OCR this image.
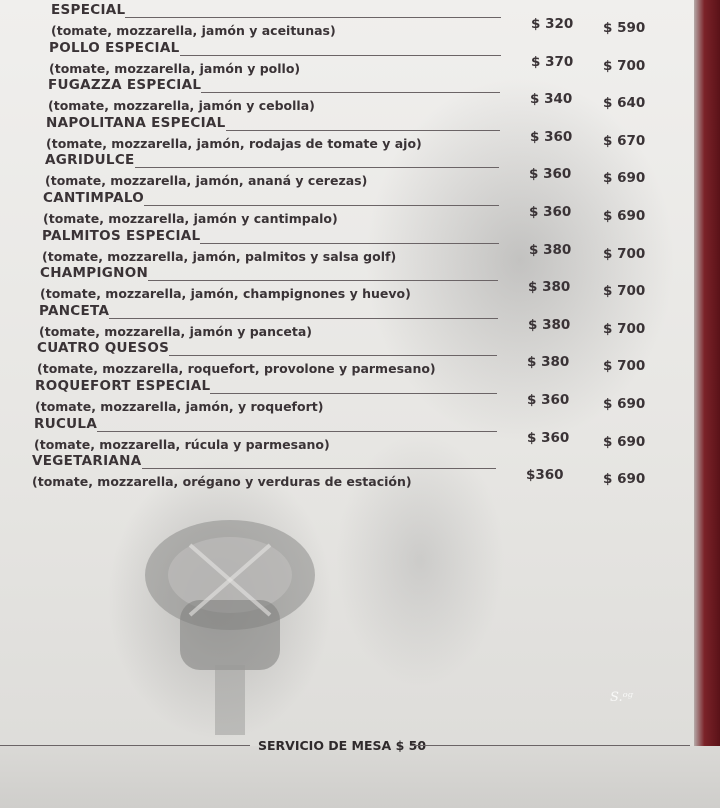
ESPECIAL
(tomate, mozzarella, jamón y aceitunas)	$ 320 $ 590
POLLO ESPECIAL
(tomate, mozzarella, jamón y pollo)	$ 370 $ 700
FUGAZZA ESPECIAL
(tomate, mozzarella, jamón y cebolla)	$ 340 $ 640
NAPOLITANA ESPECIAL
(tomate, mozzarella, jamón, rodajas de tomate y ajo)	$ 360 $ 670
AGRIDULCE
(tomate, mozzarella, jamón, ananá y cerezas)	$ 360 $ 690
CANTIMPALO
(tomate, mozzarella, jamón y cantimpalo)	$ 360 $ 690
PALMITOS ESPECIAL
(tomate, mozzarella, jamón, palmitos y salsa golf)	$ 380 $ 700
CHAMPIGNON
(tomate, mozzarella, jamón, champignones y huevo)	$ 380 $ 700
PANCETA
(tomate, mozzarella, jamón y panceta)	$ 380 $ 700
CUATRO QUESOS
(tomate, mozzarella, roquefort, provolone y parmesano)	$ 380 $ 700
ROQUEFORT ESPECIAL
(tomate, mozzarella, jamón, y roquefort)	$ 360 $ 690
RUCULA
(tomate, mozzarella, rúcula y parmesano)	$ 360 $ 690
VEGETARIANA
(tomate, mozzarella, orégano y verduras de estación)	$360	$ 690
SERVICIO DE MESA $ 50
S.ᵒᵍ
